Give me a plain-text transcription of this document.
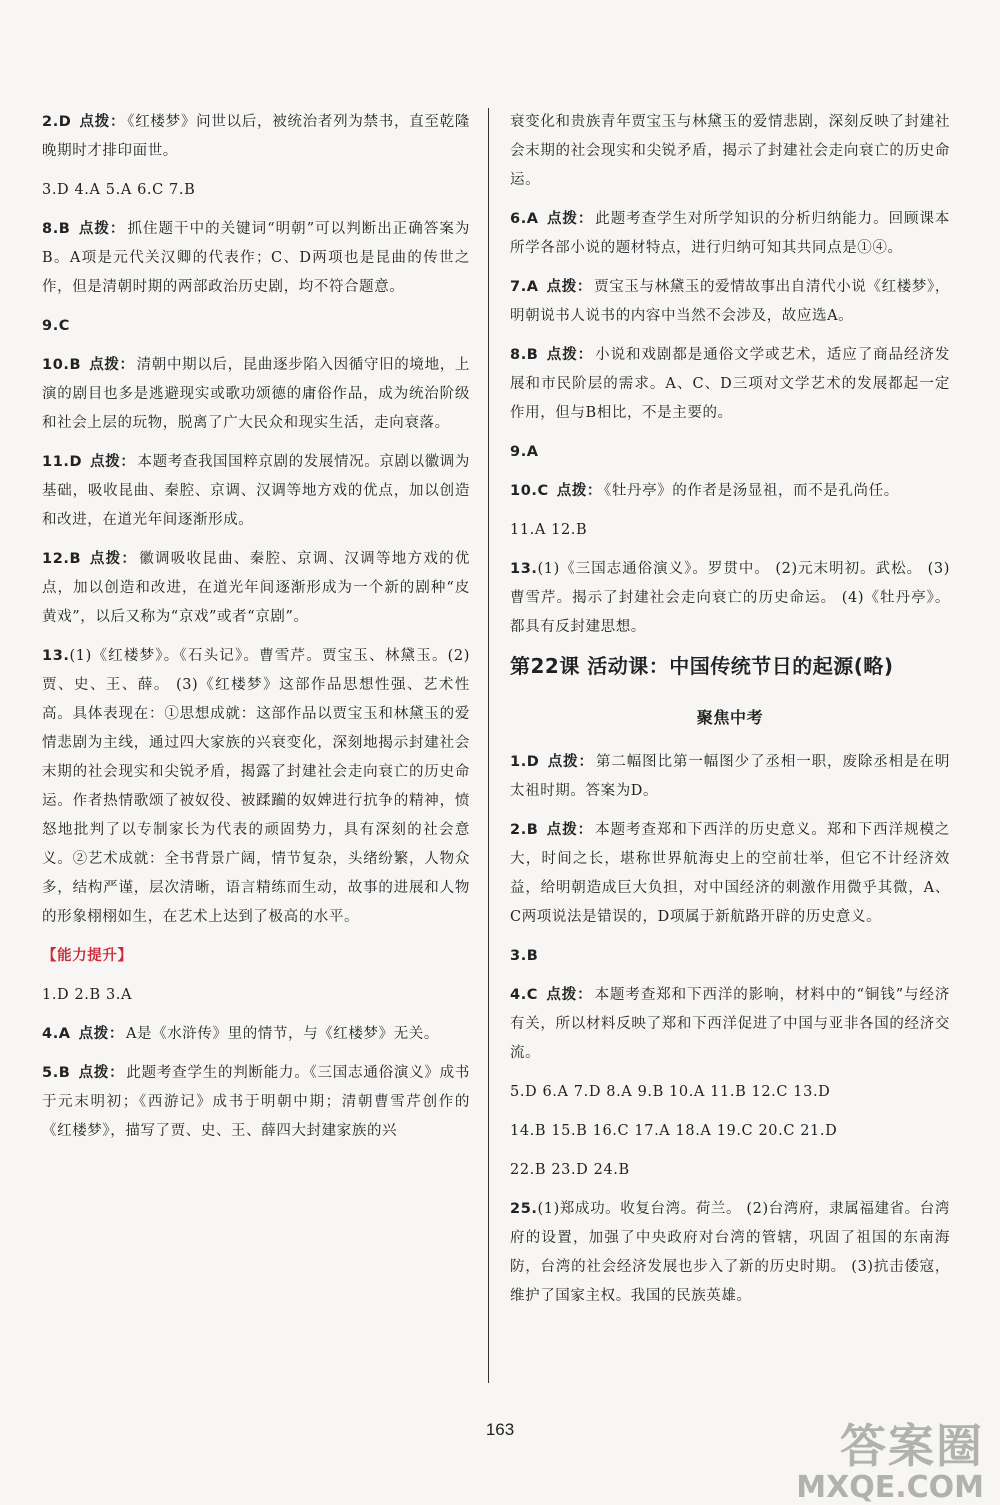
2.D 点拨： 《红楼梦》问世以后，被统治者列为禁书，直至乾隆晚期时才排印面世。
3.D 4.A 5.A 6.C 7.B
8.B 点拨： 抓住题干中的关键词“明朝”可以判断出正确答案为B。A项是元代关汉卿的代表作；C、D两项也是昆曲的传世之作，但是清朝时期的两部政治历史剧，均不符合题意。
9.C
10.B 点拨： 清朝中期以后，昆曲逐步陷入因循守旧的境地，上演的剧目也多是逃避现实或歌功颂德的庸俗作品，成为统治阶级和社会上层的玩物，脱离了广大民众和现实生活，走向衰落。
11.D 点拨： 本题考查我国国粹京剧的发展情况。京剧以徽调为基础，吸收昆曲、秦腔、京调、汉调等地方戏的优点，加以创造和改进，在道光年间逐渐形成。
12.B 点拨： 徽调吸收昆曲、秦腔、京调、汉调等地方戏的优点，加以创造和改进，在道光年间逐渐形成为一个新的剧种“皮黄戏”，以后又称为“京戏”或者“京剧”。
13.(1)《红楼梦》。《石头记》。曹雪芹。贾宝玉、林黛玉。(2)贾、史、王、薛。 (3)《红楼梦》这部作品思想性强、艺术性高。具体表现在：①思想成就：这部作品以贾宝玉和林黛玉的爱情悲剧为主线，通过四大家族的兴衰变化，深刻地揭示封建社会末期的社会现实和尖锐矛盾，揭露了封建社会走向衰亡的历史命运。作者热情歌颂了被奴役、被蹂躏的奴婢进行抗争的精神，愤怒地批判了以专制家长为代表的顽固势力，具有深刻的社会意义。②艺术成就：全书背景广阔，情节复杂，头绪纷繁，人物众多，结构严谨，层次清晰，语言精练而生动，故事的进展和人物的形象栩栩如生，在艺术上达到了极高的水平。
【能力提升】
1.D 2.B 3.A
4.A 点拨： A是《水浒传》里的情节，与《红楼梦》无关。
5.B 点拨： 此题考查学生的判断能力。《三国志通俗演义》成书于元末明初；《西游记》成书于明朝中期；清朝曹雪芹创作的《红楼梦》，描写了贾、史、王、薛四大封建家族的兴
衰变化和贵族青年贾宝玉与林黛玉的爱情悲剧，深刻反映了封建社会末期的社会现实和尖锐矛盾，揭示了封建社会走向衰亡的历史命运。
6.A 点拨： 此题考查学生对所学知识的分析归纳能力。回顾课本所学各部小说的题材特点，进行归纳可知其共同点是①④。
7.A 点拨： 贾宝玉与林黛玉的爱情故事出自清代小说《红楼梦》，明朝说书人说书的内容中当然不会涉及，故应选A。
8.B 点拨： 小说和戏剧都是通俗文学或艺术，适应了商品经济发展和市民阶层的需求。A、C、D三项对文学艺术的发展都起一定作用，但与B相比，不是主要的。
9.A
10.C 点拨： 《牡丹亭》的作者是汤显祖，而不是孔尚任。
11.A 12.B
13.(1)《三国志通俗演义》。罗贯中。 (2)元末明初。武松。 (3)曹雪芹。揭示了封建社会走向衰亡的历史命运。 (4)《牡丹亭》。都具有反封建思想。
第22课 活动课：中国传统节日的起源(略)
聚焦中考
1.D 点拨： 第二幅图比第一幅图少了丞相一职，废除丞相是在明太祖时期。答案为D。
2.B 点拨： 本题考查郑和下西洋的历史意义。郑和下西洋规模之大，时间之长，堪称世界航海史上的空前壮举，但它不计经济效益，给明朝造成巨大负担，对中国经济的刺激作用微乎其微，A、C两项说法是错误的，D项属于新航路开辟的历史意义。
3.B
4.C 点拨： 本题考查郑和下西洋的影响，材料中的“铜钱”与经济有关，所以材料反映了郑和下西洋促进了中国与亚非各国的经济交流。
5.D 6.A 7.D 8.A 9.B 10.A 11.B 12.C 13.D
14.B 15.B 16.C 17.A 18.A 19.C 20.C 21.D
22.B 23.D 24.B
25.(1)郑成功。收复台湾。荷兰。 (2)台湾府，隶属福建省。台湾府的设置，加强了中央政府对台湾的管辖，巩固了祖国的东南海防，台湾的社会经济发展也步入了新的历史时期。 (3)抗击倭寇，维护了国家主权。我国的民族英雄。
163	答案圈
MXQE.COM
